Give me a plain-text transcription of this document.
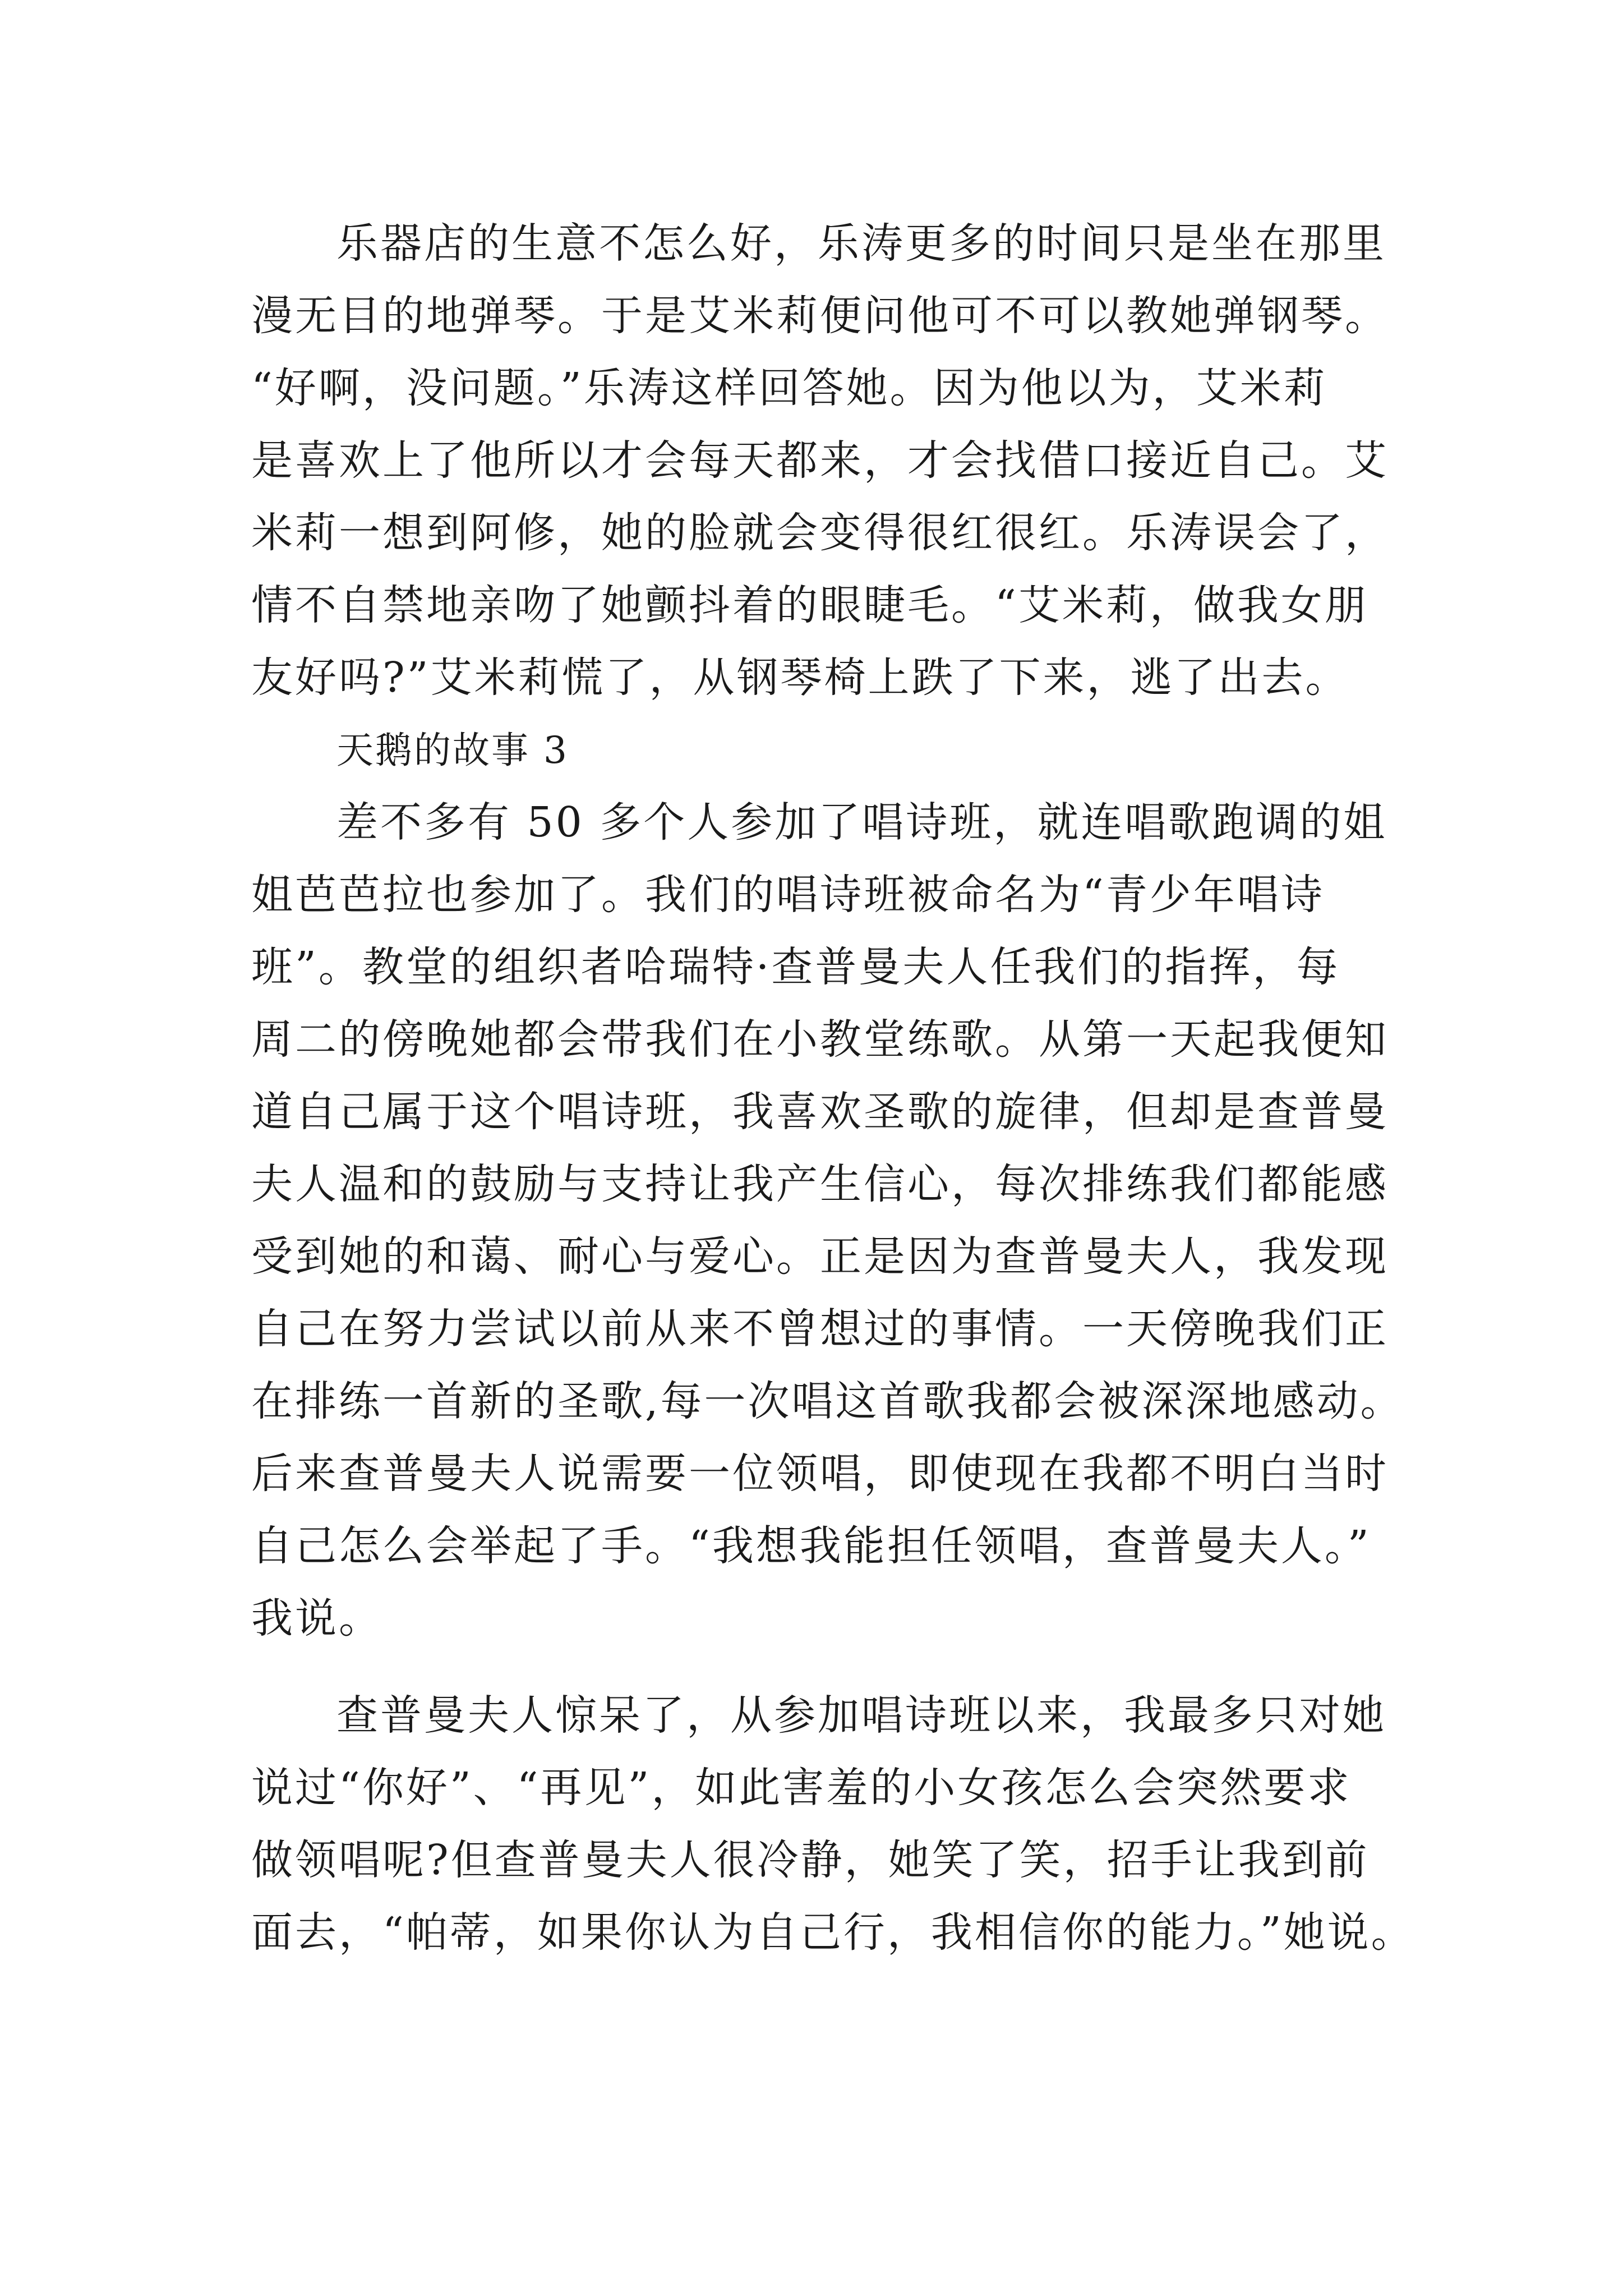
乐器店的生意不怎么好，乐涛更多的时间只是坐在那里
漫无目的地弹琴。于是艾米莉便问他可不可以教她弹钢琴。
“好啊，没问题。”乐涛这样回答她。因为他以为，艾米莉
是喜欢上了他所以才会每天都来，才会找借口接近自己。艾
米莉一想到阿修，她的脸就会变得很红很红。乐涛误会了，
情不自禁地亲吻了她颤抖着的眼睫毛。“艾米莉，做我女朋
友好吗?”艾米莉慌了，从钢琴椅上跌了下来，逃了出去。
天鹅的故事 3
差不多有 50 多个人参加了唱诗班，就连唱歌跑调的姐
姐芭芭拉也参加了。我们的唱诗班被命名为“青少年唱诗
班”。教堂的组织者哈瑞特·查普曼夫人任我们的指挥，每
周二的傍晚她都会带我们在小教堂练歌。从第一天起我便知
道自己属于这个唱诗班，我喜欢圣歌的旋律，但却是查普曼
夫人温和的鼓励与支持让我产生信心，每次排练我们都能感
受到她的和蔼、耐心与爱心。正是因为查普曼夫人，我发现
自己在努力尝试以前从来不曾想过的事情。一天傍晚我们正
在排练一首新的圣歌,每一次唱这首歌我都会被深深地感动。
后来查普曼夫人说需要一位领唱，即使现在我都不明白当时
自己怎么会举起了手。“我想我能担任领唱，查普曼夫人。”
我说。
查普曼夫人惊呆了，从参加唱诗班以来，我最多只对她
说过“你好”、“再见”，如此害羞的小女孩怎么会突然要求
做领唱呢?但查普曼夫人很冷静，她笑了笑，招手让我到前
面去，“帕蒂，如果你认为自己行，我相信你的能力。”她说。
